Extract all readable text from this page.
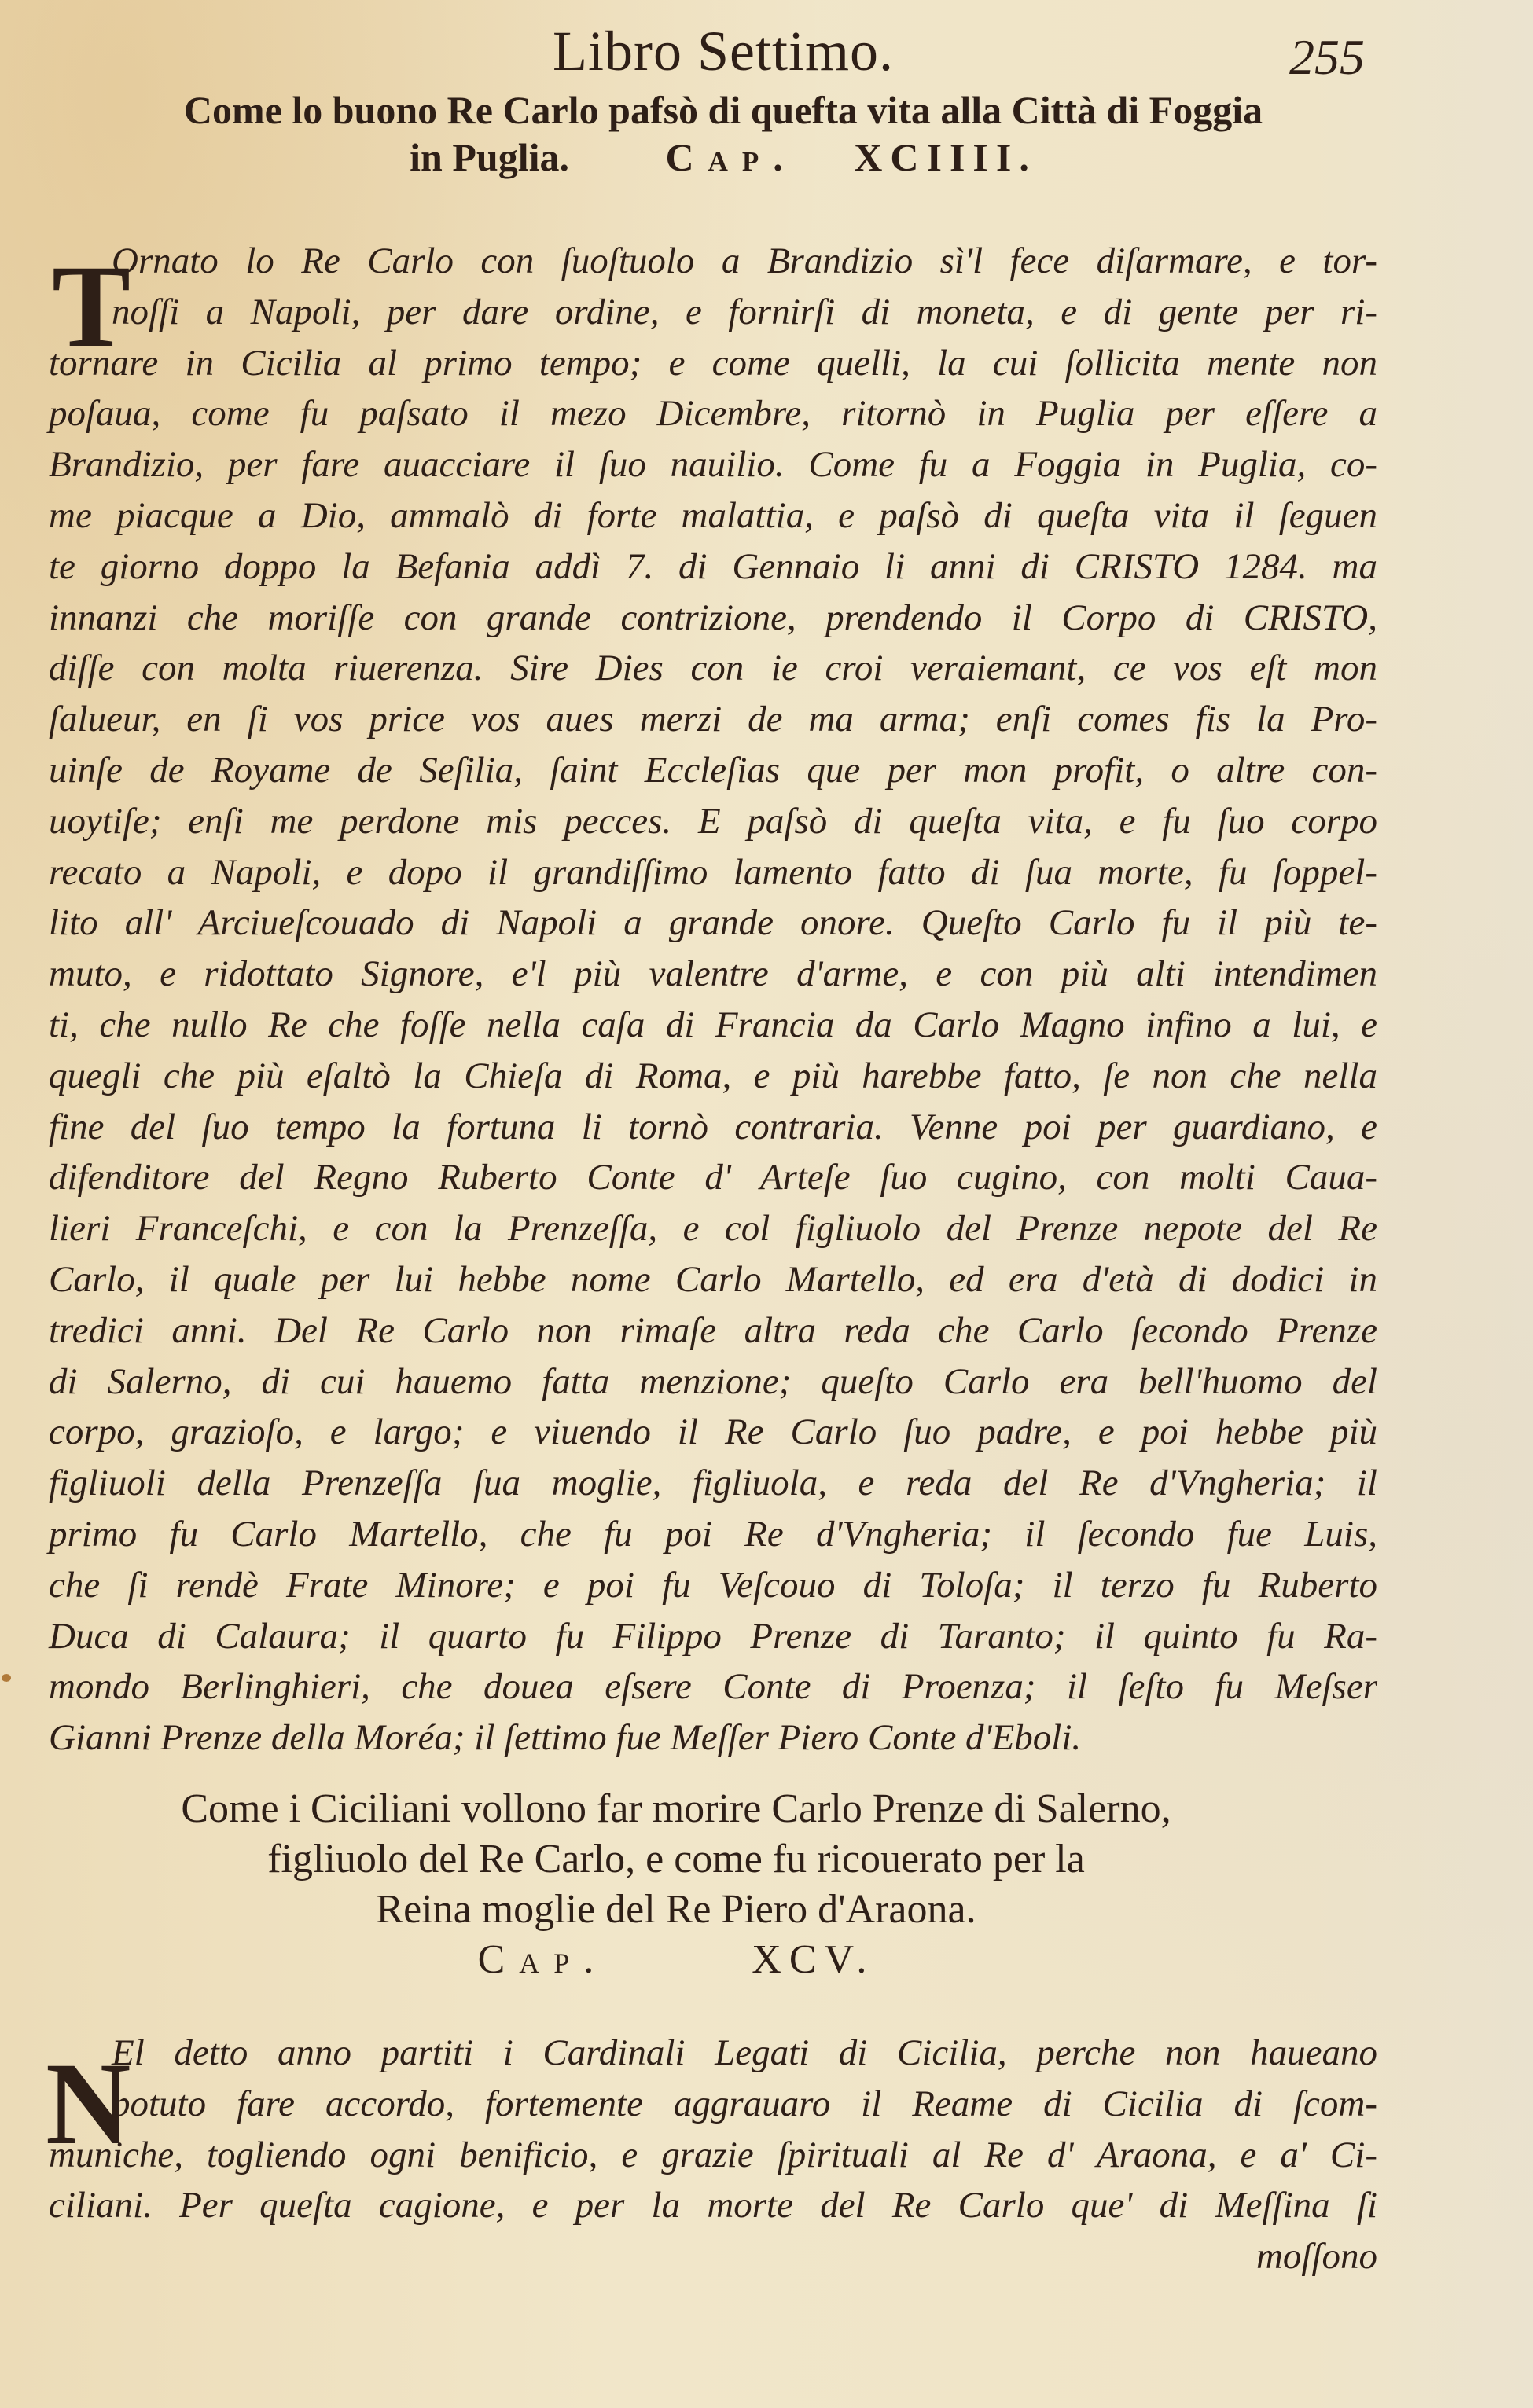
Libro Settimo.	255
Come lo buono Re Carlo pafsò di quefta vita alla Città di Foggia
in Puglia. Cap. XCIIII.
T
Ornato lo Re Carlo con ſuoſtuolo a Brandizio sì'l fece diſarmare, e tor-
noſſi a Napoli, per dare ordine, e fornirſi di moneta, e di gente per ri-
tornare in Cicilia al primo tempo; e come quelli, la cui ſollicita mente non
poſaua, come fu paſsato il mezo Dicembre, ritornò in Puglia per eſſere a
Brandizio, per fare auacciare il ſuo nauilio. Come fu a Foggia in Puglia, co-
me piacque a Dio, ammalò di forte malattia, e paſsò di queſta vita il ſeguen
te giorno doppo la Befania addì 7. di Gennaio li anni di CRISTO 1284. ma
innanzi che moriſſe con grande contrizione, prendendo il Corpo di CRISTO,
diſſe con molta riuerenza. Sire Dies con ie croi veraiemant, ce vos eſt mon
ſalueur, en ſi vos price vos aues merzi de ma arma; enſi comes fis la Pro-
uinſe de Royame de Seſilia, ſaint Eccleſias que per mon profit, o altre con-
uoytiſe; enſi me perdone mis pecces. E paſsò di queſta vita, e fu ſuo corpo
recato a Napoli, e dopo il grandiſſimo lamento fatto di ſua morte, fu ſoppel-
lito all' Arciueſcouado di Napoli a grande onore. Queſto Carlo fu il più te-
muto, e ridottato Signore, e'l più valentre d'arme, e con più alti intendimen
ti, che nullo Re che foſſe nella caſa di Francia da Carlo Magno infino a lui, e
quegli che più eſaltò la Chieſa di Roma, e più harebbe fatto, ſe non che nella
fine del ſuo tempo la fortuna li tornò contraria. Venne poi per guardiano, e
difenditore del Regno Ruberto Conte d' Arteſe ſuo cugino, con molti Caua-
lieri Franceſchi, e con la Prenzeſſa, e col figliuolo del Prenze nepote del Re
Carlo, il quale per lui hebbe nome Carlo Martello, ed era d'età di dodici in
tredici anni. Del Re Carlo non rimaſe altra reda che Carlo ſecondo Prenze
di Salerno, di cui hauemo fatta menzione; queſto Carlo era bell'huomo del
corpo, grazioſo, e largo; e viuendo il Re Carlo ſuo padre, e poi hebbe più
figliuoli della Prenzeſſa ſua moglie, figliuola, e reda del Re d'Vngheria; il
primo fu Carlo Martello, che fu poi Re d'Vngheria; il ſecondo fue Luis,
che ſi rendè Frate Minore; e poi fu Veſcouo di Toloſa; il terzo fu Ruberto
Duca di Calaura; il quarto fu Filippo Prenze di Taranto; il quinto fu Ra-
mondo Berlinghieri, che douea eſsere Conte di Proenza; il ſeſto fu Meſser
Gianni Prenze della Moréa; il ſettimo fue Meſſer Piero Conte d'Eboli.
Come i Ciciliani vollono far morire Carlo Prenze di Salerno,
figliuolo del Re Carlo, e come fu ricouerato per la
Reina moglie del Re Piero d'Araona.
Cap.	XCV.
N
El detto anno partiti i Cardinali Legati di Cicilia, perche non haueano
potuto fare accordo, fortemente aggrauaro il Reame di Cicilia di ſcom-
muniche, togliendo ogni benificio, e grazie ſpirituali al Re d' Araona, e a' Ci-
ciliani. Per queſta cagione, e per la morte del Re Carlo que' di Meſſina ſi
moſſono
